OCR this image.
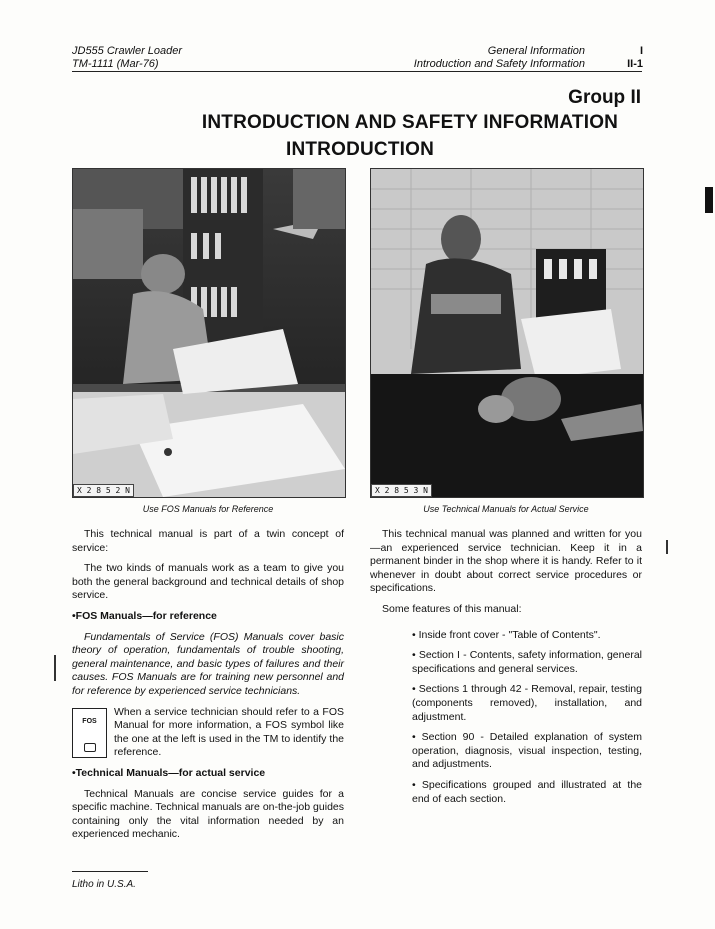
JD555 Crawler Loader
TM-1111 (Mar-76)
General Information
Introduction and Safety Information
I
II-1
Group II
INTRODUCTION AND SAFETY INFORMATION
INTRODUCTION
X 2 8 5 2 N
Use FOS Manuals for Reference
X 2 8 5 3 N
Use Technical Manuals for Actual Service

This technical manual is part of a twin concept of service:

The two kinds of manuals work as a team to give you both the general background and technical details of shop service.

•FOS Manuals—for reference

Fundamentals of Service (FOS) Manuals cover basic theory of operation, fundamentals of trouble shooting, general maintenance, and basic types of failures and their causes. FOS Manuals are for training new personnel and for reference by experienced service technicians.

FOS
When a service technician should refer to a FOS Manual for more information, a FOS symbol like the one at the left is used in the TM to identify the reference.

•Technical Manuals—for actual service

Technical Manuals are concise service guides for a specific machine. Technical manuals are on-the-job guides containing only the vital information needed by an experienced mechanic.

This technical manual was planned and written for you—an experienced service technician. Keep it in a permanent binder in the shop where it is handy. Refer to it whenever in doubt about correct service procedures or specifications.

Some features of this manual:

• Inside front cover - "Table of Contents".

• Section I - Contents, safety information, general specifications and general services.

• Sections 1 through 42 - Removal, repair, testing (components removed), installation, and adjustment.

• Section 90 - Detailed explanation of system operation, diagnosis, visual inspection, testing, and adjustments.

• Specifications grouped and illustrated at the end of each section.

Litho in U.S.A.
